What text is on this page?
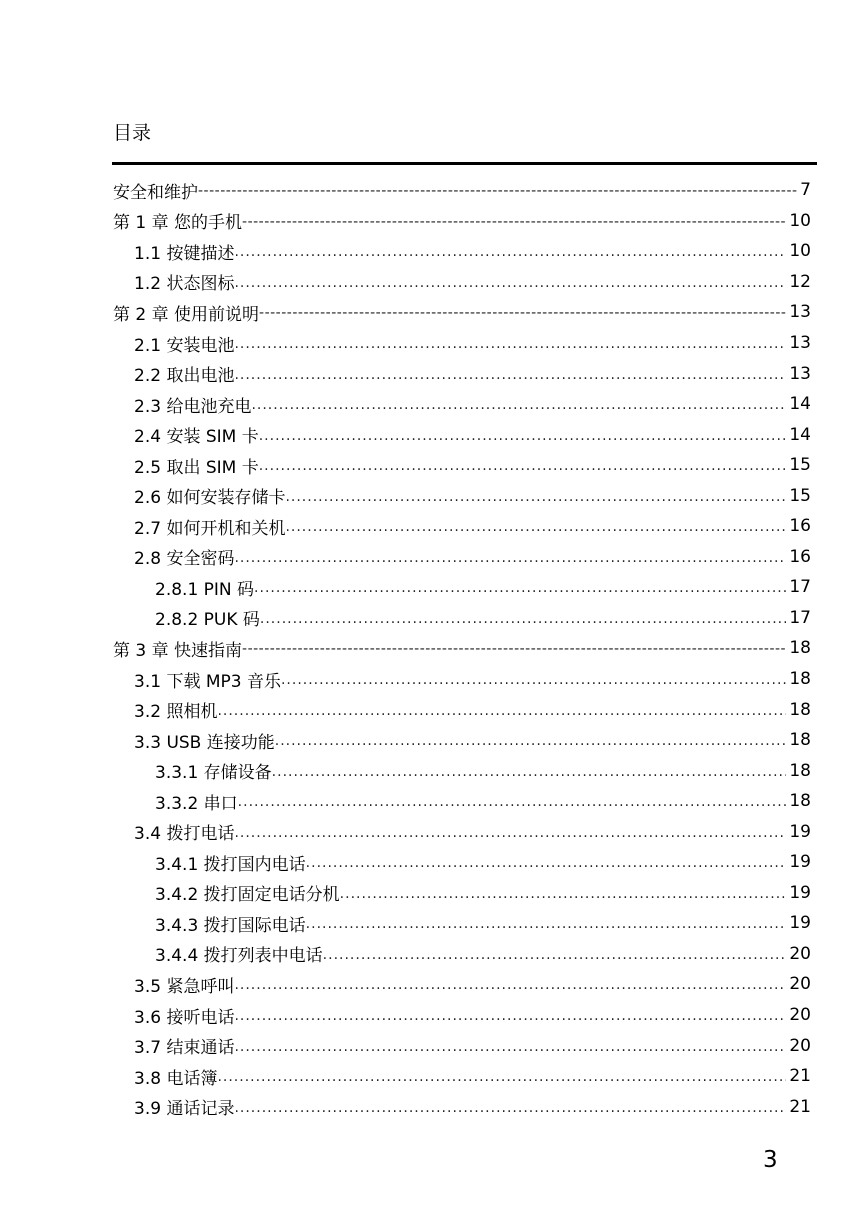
目录
安全和维护 -----	7
第 1 章 您的手机 -----	10
1.1 按键描述 .....	10
1.2 状态图标 .....	12
第 2 章 使用前说明 -----	13
2.1 安装电池 .....	13
2.2 取出电池 .....	13
2.3 给电池充电 .....	14
2.4 安装 SIM 卡 .....	14
2.5 取出 SIM 卡 .....	15
2.6 如何安装存储卡 .....	15
2.7 如何开机和关机 .....	16
2.8 安全密码 .....	16
2.8.1 PIN 码 .....	17
2.8.2 PUK 码 .....	17
第 3 章 快速指南 -----	18
3.1 下载 MP3 音乐 .....	18
3.2 照相机 .....	18
3.3 USB 连接功能 .....	18
3.3.1 存储设备 .....	18
3.3.2 串口 .....	18
3.4 拨打电话 .....	19
3.4.1 拨打国内电话 .....	19
3.4.2 拨打固定电话分机 .....	19
3.4.3 拨打国际电话 .....	19
3.4.4 拨打列表中电话 .....	20
3.5 紧急呼叫 .....	20
3.6 接听电话 .....	20
3.7 结束通话 .....	20
3.8 电话簿 .....	21
3.9 通话记录 .....	21
3
